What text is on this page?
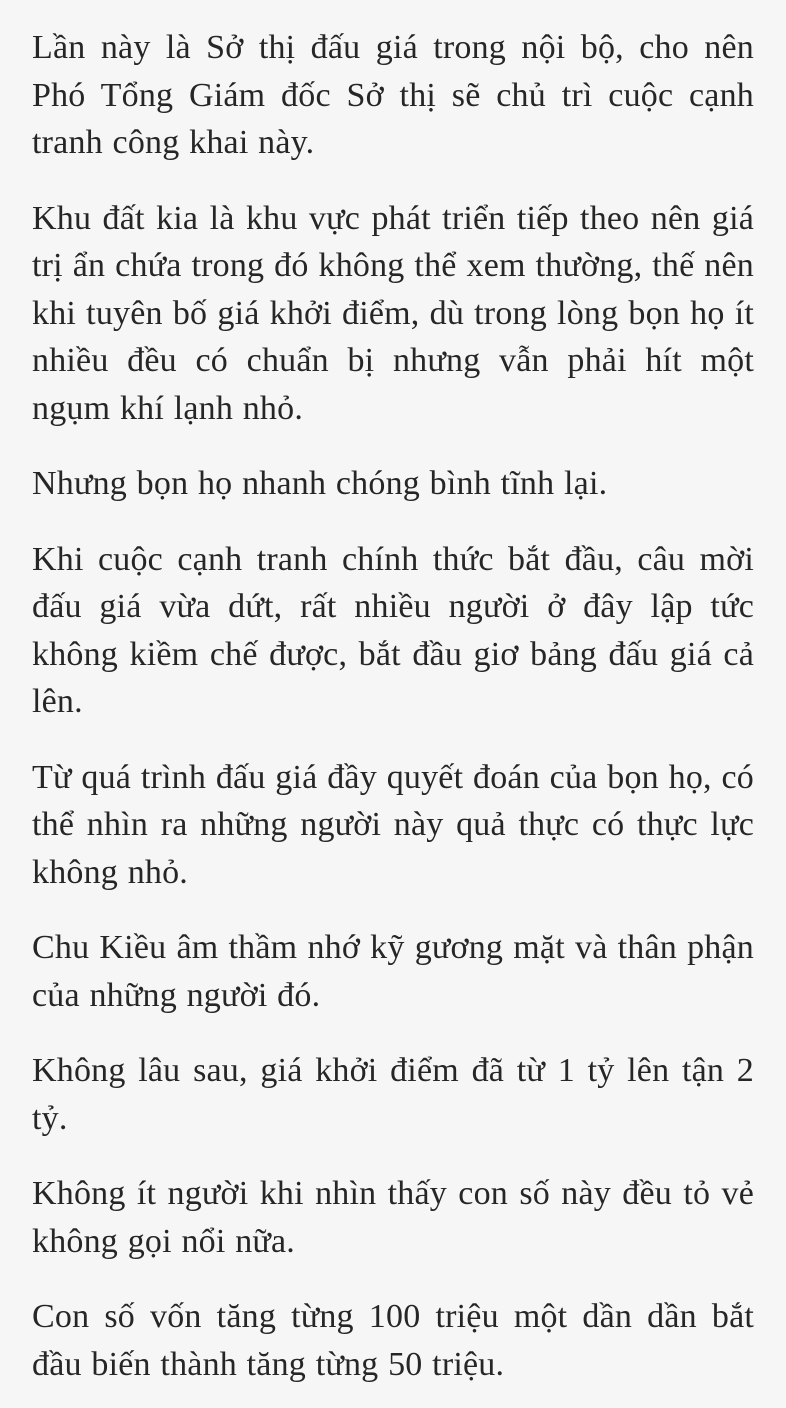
Lần này là Sở thị đấu giá trong nội bộ, cho nên Phó Tổng Giám đốc Sở thị sẽ chủ trì cuộc cạnh tranh công khai này.

Khu đất kia là khu vực phát triển tiếp theo nên giá trị ẩn chứa trong đó không thể xem thường, thế nên khi tuyên bố giá khởi điểm, dù trong lòng bọn họ ít nhiều đều có chuẩn bị nhưng vẫn phải hít một ngụm khí lạnh nhỏ.

Nhưng bọn họ nhanh chóng bình tĩnh lại.

Khi cuộc cạnh tranh chính thức bắt đầu, câu mời đấu giá vừa dứt, rất nhiều người ở đây lập tức không kiềm chế được, bắt đầu giơ bảng đấu giá cả lên.

Từ quá trình đấu giá đầy quyết đoán của bọn họ, có thể nhìn ra những người này quả thực có thực lực không nhỏ.

Chu Kiều âm thầm nhớ kỹ gương mặt và thân phận của những người đó.

Không lâu sau, giá khởi điểm đã từ 1 tỷ lên tận 2 tỷ.

Không ít người khi nhìn thấy con số này đều tỏ vẻ không gọi nổi nữa.

Con số vốn tăng từng 100 triệu một dần dần bắt đầu biến thành tăng từng 50 triệu.
